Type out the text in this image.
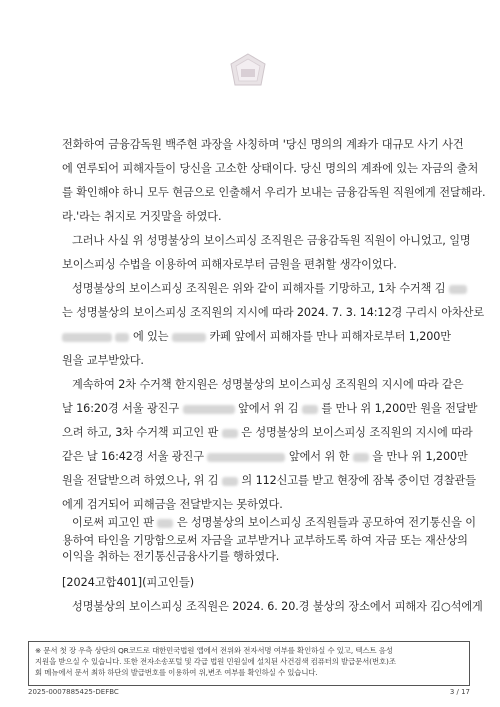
전화하여 금융감독원 백주현 과장을 사칭하며 '당신 명의의 계좌가 대규모 사기 사건
에 연루되어 피해자들이 당신을 고소한 상태이다. 당신 명의의 계좌에 있는 자금의 출처
를 확인해야 하니 모두 현금으로 인출해서 우리가 보내는 금융감독원 직원에게 전달해라.
라.'라는 취지로 거짓말을 하였다.
그러나 사실 위 성명불상의 보이스피싱 조직원은 금융감독원 직원이 아니었고, 일명
보이스피싱 수법을 이용하여 피해자로부터 금원을 편취할 생각이었다.
성명불상의 보이스피싱 조직원은 위와 같이 피해자를 기망하고, 1차 수거책 김
는 성명불상의 보이스피싱 조직원의 지시에 따라 2024. 7. 3. 14:12경 구리시 아차산로
에 있는	카페 앞에서 피해자를 만나 피해자로부터 1,200만
원을 교부받았다.
계속하여 2차 수거책 한지원은 성명불상의 보이스피싱 조직원의 지시에 따라 같은
날 16:20경 서울 광진구	앞에서 위 김 를 만나 위 1,200만 원을 전달받
으려 하고, 3차 수거책 피고인 판 은 성명불상의 보이스피싱 조직원의 지시에 따라
같은 날 16:42경 서울 광진구	앞에서 위 한 을 만나 위 1,200만
원을 전달받으려 하였으나, 위 김 의 112신고를 받고 현장에 잠복 중이던 경찰관들
에게 검거되어 피해금을 전달받지는 못하였다.
이로써 피고인 판 은 성명불상의 보이스피싱 조직원들과 공모하여 전기통신을 이
용하여 타인을 기망함으로써 자금을 교부받거나 교부하도록 하여 자금 또는 재산상의
이익을 취하는 전기통신금융사기를 행하였다.
[2024고합401](피고인들)
성명불상의 보이스피싱 조직원은 2024. 6. 20.경 불상의 장소에서 피해자 김○석에게
※ 문서 첫 장 우측 상단의 QR코드로 대한민국법원 앱에서 전위와 전자서명 여부를 확인하실 수 있고, 텍스트 음성
지원을 받으실 수 있습니다. 또한 전자소송포털 및 각급 법원 민원실에 설치된 사건검색 컴퓨터의 발급문서(번호)조
회 메뉴에서 문서 최하 하단의 발급번호를 이용하여 위,변조 여부를 확인하실 수 있습니다.
2025-0007885425-DEFBC	3 / 17
